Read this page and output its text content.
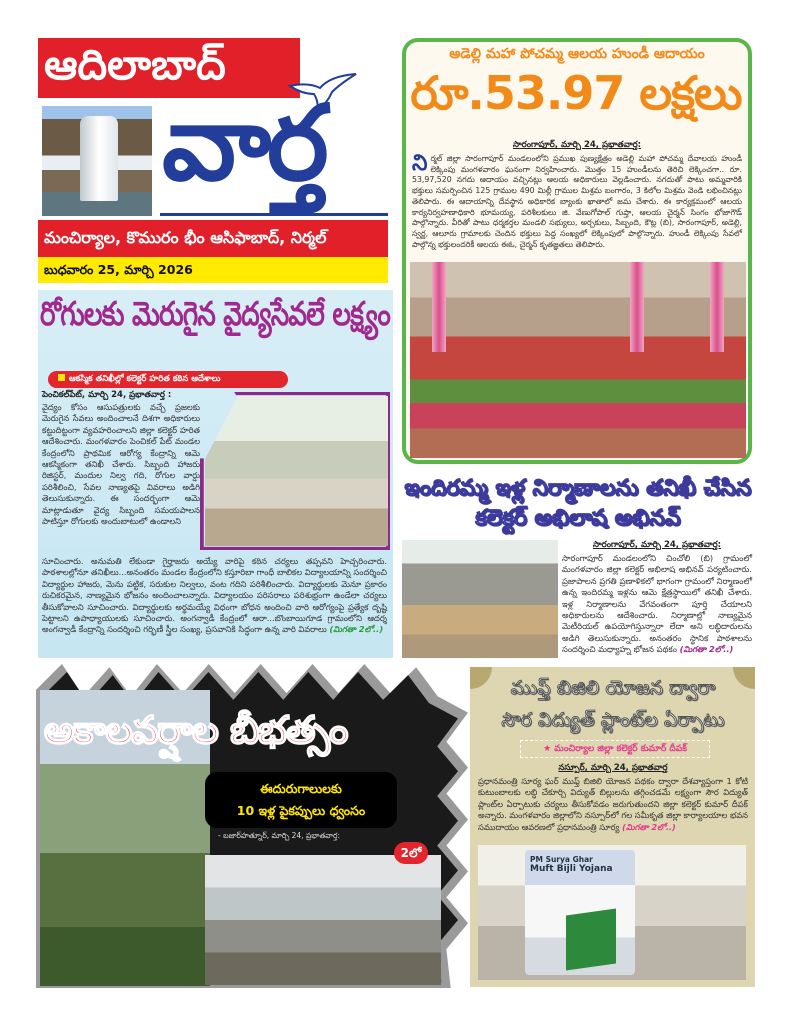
ఆదిలాబాద్
వార్త
మంచిర్యాల, కొమురం భీం ఆసిఫాబాద్, నిర్మల్
బుధవారం 25, మార్చి 2026
అడెల్లి మహా పోచమ్మ ఆలయ హుండీ ఆదాయం
రూ.53.97 లక్షలు
సారంగాపూర్, మార్చి 24, ప్రభాతవార్త:
నిర్మల్ జిల్లా సారంగాపూర్ మండలంలోని ప్రముఖ పుణ్యక్షేత్రం అడెల్లి మహా పోచమ్మ దేవాలయ హుండీ లెక్కింపు మంగళవారం ఘనంగా నిర్వహించారు. మొత్తం 15 హుండీలను తెరిచి లెక్కించగా.. రూ. 53,97,520 నగదు ఆదాయం వచ్చినట్లు ఆలయ అధికారులు వెల్లడించారు. నగదుతో పాటు అమ్మవారికి భక్తులు సమర్పించిన 125 గ్రాముల 490 మిల్లీ గ్రాముల మిశ్రమ బంగారం, 3 కిలోల మిశ్రమ వెండి లభించినట్లు తెలిపారు. ఈ ఆదాయాన్ని దేవస్థాన అధికారిక బ్యాంకు ఖాతాలో జమ చేశారు. ఈ కార్యక్రమంలో ఆలయ కార్యనిర్వహణాధికారి భూమయ్య, పరిశీలకులు జి. వేణుగోపాల్ గుప్తా, ఆలయ చైర్మన్ సింగం భోజాగౌడ్ పాల్గొన్నారు. వీరితో పాటు ధర్మకర్తల మండలి సభ్యులు, అర్చకులు, సిబ్బంది, కౌట్ల (బి), సారంగాపూర్, అడెల్లి, స్వర్ణ, ఆలూరు గ్రామాలకు చెందిన భక్తులు పెద్ద సంఖ్యలో లెక్కింపులో పాల్గొన్నారు. హుండీ లెక్కింపు సేవలో పాల్గొన్న భక్తులందరికీ ఆలయ ఈఓ, చైర్మన్ కృతజ్ఞతలు తెలిపారు.
రోగులకు మెరుగైన వైద్యసేవలే లక్ష్యం
ఆకస్మిక తనిఖీల్లో కలెక్టర్ హరిత కఠిన ఆదేశాలు
పెంచికల్‌పేట్, మార్చి 24, ప్రభాతవార్త :
వైద్యం కోసం ఆసుపత్రులకు వచ్చే ప్రజలకు మెరుగైన సేవలు అందించాలనే దిశగా అధికారులు కట్టుదిట్టంగా వ్యవహరించాలని జిల్లా కలెక్టర్ హరిత ఆదేశించారు. మంగళవారం పెంచికల్ పేట్ మండల కేంద్రంలోని ప్రాథమిక ఆరోగ్య కేంద్రాన్ని ఆమె ఆకస్మికంగా తనిఖీ చేశారు. సిబ్బంది హాజరు రిజిస్టర్, మందుల నిల్వ గది, రోగుల వార్డు పరిశీలించి, సేవల నాణ్యతపై వివరాలు అడిగి తెలుసుకున్నారు. ఈ సందర్భంగా ఆమె మాట్లాడుతూ వైద్య సిబ్బంది సమయపాలన పాటిస్తూ రోగులకు అందుబాటులో ఉండాలని
సూచించారు. అనుమతి లేకుండా గైర్హాజరు అయ్యే వారిపై కఠిన చర్యలు తప్పవని హెచ్చరించారు. పాఠశాలల్లోనూ తనిఖీలు...అనంతరం మండల కేంద్రంలోని కస్తూరిబా గాంధీ బాలికల విద్యాలయాన్ని సందర్శించి విద్యార్థుల హాజరు, మెను పట్టిక, సరుకుల నిల్వలు, వంట గదిని పరిశీలించారు. విద్యార్థులకు మెనూ ప్రకారం రుచికరమైన, నాణ్యమైన భోజనం అందించాలన్నారు. విద్యాలయం పరిసరాలు పరిశుభ్రంగా ఉండేలా చర్యలు తీసుకోవాలని సూచించారు. విద్యార్థులకు అర్థమయ్యే విధంగా బోధన అందించి వారి ఆరోగ్యంపై ప్రత్యేక దృష్టి పెట్టాలని ఉపాధ్యాయులకు సూచించారు. అంగన్వాడీ కేంద్రంలో ఆరా...బొంబాయిగూడ గ్రామంలోని ఆదర్శ అంగన్వాడీ కేంద్రాన్ని సందర్శించి గర్భిణీ స్త్రీల సంఖ్య, ప్రసవానికి సిద్ధంగా ఉన్న వారి వివరాలు (మిగతా 2లో..)
ఇందిరమ్మ ఇళ్ల నిర్మాణాలను తనిఖీ చేసిన
కలెక్టర్ అభిలాష అభినవ్
సారంగాపూర్, మార్చి 24, ప్రభాతవార్త:
సారంగాపూర్ మండలంలోని చించోలి (బి) గ్రామంలో మంగళవారం జిల్లా కలెక్టర్ అభిలాష అభినవ్ పర్యటించారు. ప్రజాపాలన ప్రగతి ప్రణాళికలో భాగంగా గ్రామంలో నిర్మాణంలో ఉన్న ఇందిరమ్మ ఇళ్లను ఆమె క్షేత్రస్థాయిలో తనిఖీ చేశారు. ఇళ్ల నిర్మాణాలను వేగవంతంగా పూర్తి చేయాలని అధికారులను ఆదేశించారు. నిర్మాణాల్లో నాణ్యమైన మెటీరియల్ ఉపయోగిస్తున్నారా లేదా అని లబ్ధిదారులను అడిగి తెలుసుకున్నారు. అనంతరం స్థానిక పాఠశాలను సందర్శించి మధ్యాహ్న భోజన పథకం (మిగతా 2లో..)
అకాలవర్షాల బీభత్సం
ఈదురుగాలులకు
10 ఇళ్ల పైకప్పులు ధ్వంసం
- బజార్‌హత్నూర్, మార్చి 24, ప్రభాతవార్త:
2లో
ముఫ్త్ బిజిలి యోజన ద్వారా
సౌర విద్యుత్ ప్లాంట్‌ల ఏర్పాటు
★ మంచిర్యాల జిల్లా కలెక్టర్ కుమార్ దీపక్
నస్పూర్, మార్చి 24, ప్రభాతవార్త
ప్రధానమంత్రి సూర్య ఘర్ ముఫ్త్ బిజిలి యోజన పథకం ద్వారా దేశవ్యాప్తంగా 1 కోటి కుటుంబాలకు లబ్ధి చేకూర్చి విద్యుత్ బిల్లులను తగ్గించడమే లక్ష్యంగా సౌర విద్యుత్ ప్లాంట్‌ల ఏర్పాటుకు చర్యలు తీసుకోవడం జరుగుతుందని జిల్లా కలెక్టర్ కుమార్ దీపక్ అన్నారు. మంగళవారం జిల్లాలోని నస్పూర్‌లో గల సమీకృత జిల్లా కార్యాలయాల భవన సముదాయం ఆవరణలో ప్రధానమంత్రి సూర్య (మిగతా 2లో..)
PM Surya Ghar
Muft Bijli Yojana
